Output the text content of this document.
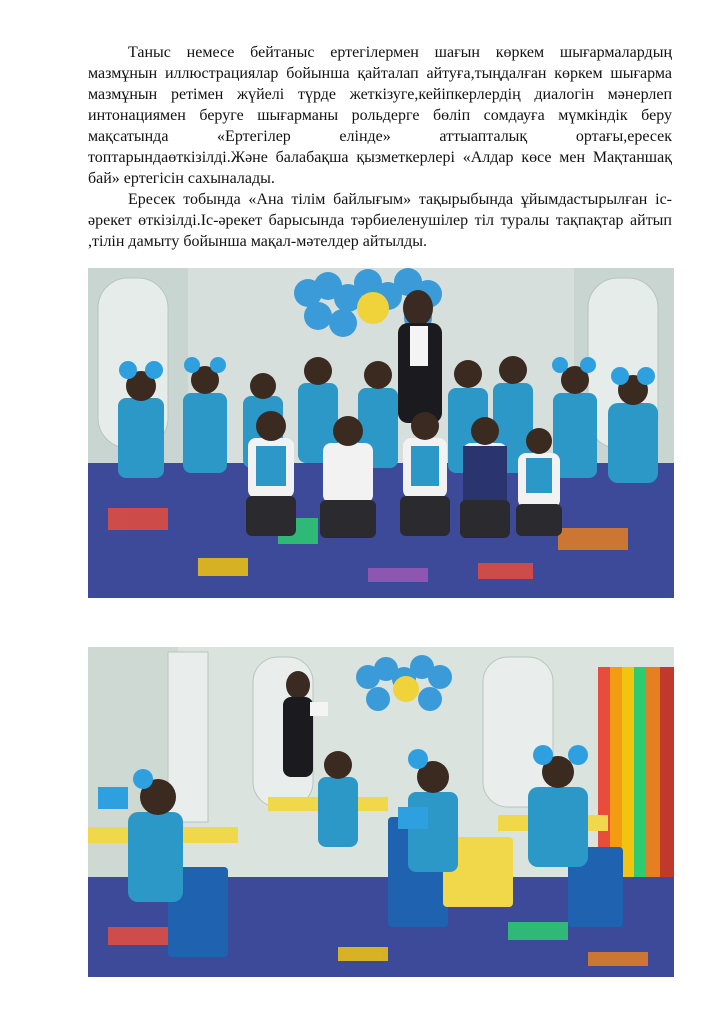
Таныс немесе бейтаныс ертегілермен шағын көркем шығармалардың мазмұнын иллюстрациялар бойынша қайталап айтуға,тыңдалған көркем шығарма мазмұнын ретімен жүйелі түрде жеткізуге,кейіпкерлердің диалогін мәнерлеп интонациямен беруге шығарманы рольдерге бөліп сомдауға мүмкіндік беру мақсатында «Ертегілер елінде» аттыапталық ортағы,ересек топтарындаөткізілді.Және балабақша қызметкерлері «Алдар көсе мен Мақтаншақ бай» ертегісін сахыналады.

Ересек тобында «Ана тілім байлығым» тақырыбында ұйымдастырылған іс-әрекет өткізілді.Іс-әрекет барысында тәрбиеленушілер тіл туралы тақпақтар айтып ,тілін дамыту бойынша мақал-мәтелдер айтылды.
